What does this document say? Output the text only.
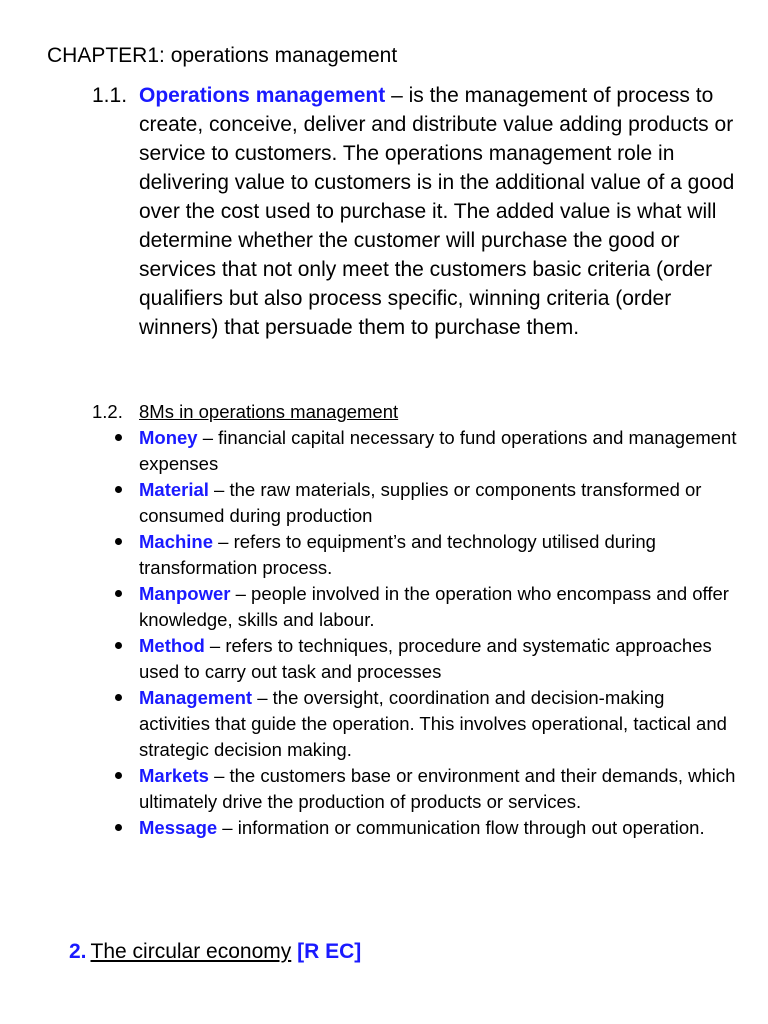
CHAPTER1: operations management
1.1. Operations management – is the management of process to create, conceive, deliver and distribute value adding products or service to customers. The operations management role in delivering value to customers is in the additional value of a good over the cost used to purchase it. The added value is what will determine whether the customer will purchase the good or services that not only meet the customers basic criteria (order qualifiers but also process specific, winning criteria (order winners) that persuade them to purchase them.
1.2. 8Ms in operations management
Money – financial capital necessary to fund operations and management expenses
Material – the raw materials, supplies or components transformed or consumed during production
Machine – refers to equipment’s and technology utilised during transformation process.
Manpower – people involved in the operation who encompass and offer knowledge, skills and labour.
Method – refers to techniques, procedure and systematic approaches used to carry out task and processes
Management – the oversight, coordination and decision-making activities that guide the operation. This involves operational, tactical and strategic decision making.
Markets – the customers base or environment and their demands, which ultimately drive the production of products or services.
Message – information or communication flow through out operation.
2. The circular economy [R EC]
